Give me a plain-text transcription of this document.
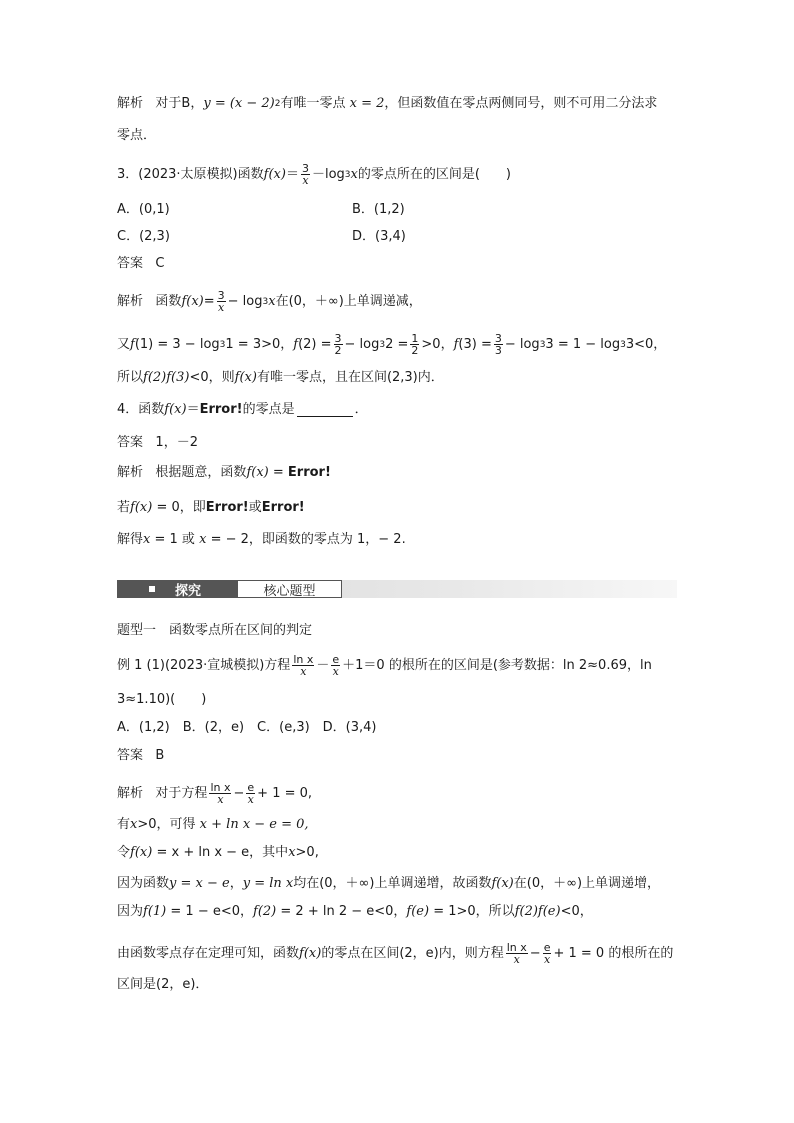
解析
对于B， y = (x − 2) 2 有唯一零点
x = 2 ，但函数值在零点两侧同号，则不可用二分法求
零点．
3．(2023·太原模拟)函数 $f(x) = \frac{3}{x} -\log$ 3 x 的零点所在的区间是(　　)
A．(0,1)	B．(1,2)
C．(2,3)	D．(3,4)
答案
C
解析
函数 $f(x) = \frac{3}{x} - \log 3$ x 在(0，＋∞)上单调递减，
又 f (1) = 3 − log 3 1 = 3>0， f $(2) = \frac{3}{2} - \log 3$ $2 = \frac{1}{2} >0$， f $(3) = \frac{3}{3} - \log 3$ 3 = 1 − log 3 3<0，
所以 f(2)f(3) <0，则 f(x) 有唯一零点，且在区间(2,3)内．
4．函数 f(x) ＝ Error! 的零点是	．
答案
1，－2
解析
根据题意，函数 f(x)
=
Error!
若 f(x)
= 0，即 Error! 或 Error!
解得 x
= 1 或
x
= − 2，即函数的零点为 1，− 2.
探究	核心题型
题型一　函数零点所在区间的判定
例 1 (1)(2023·宣城模拟)方程 $\frac{\text{ln x}}{x} - \frac{e}{x} +1=0$ 的根所在的区间是(参考数据：ln 2≈0.69，ln
3≈1.10)(　　)
A．(1,2)　B．(2，e)　C．(e,3)　D．(3,4)
答案
B
解析
对于方程 $\frac{\text{ln x}}{x} - \frac{e}{x} + 1 = 0$,
有 x >0，可得
x + ln x − e = 0,
令 f(x)
=
x + ln x − e，其中 x >0,
因为函数 y = x − e ， y = ln x 均在(0，＋∞)上单调递增，故函数 f(x) 在(0，＋∞)上单调递增，
因为 f(1)
= 1 − e<0， f(2)
= 2 + ln 2 − e<0， f(e)
= 1>0，所以 f(2)f(e) <0，
由函数零点存在定理可知，函数 f(x) 的零点在区间(2，e)内，则方程 $\frac{\text{ln x}}{x} - \frac{e}{x} + 1 = 0$ 的根所在的
区间是(2，e)．
